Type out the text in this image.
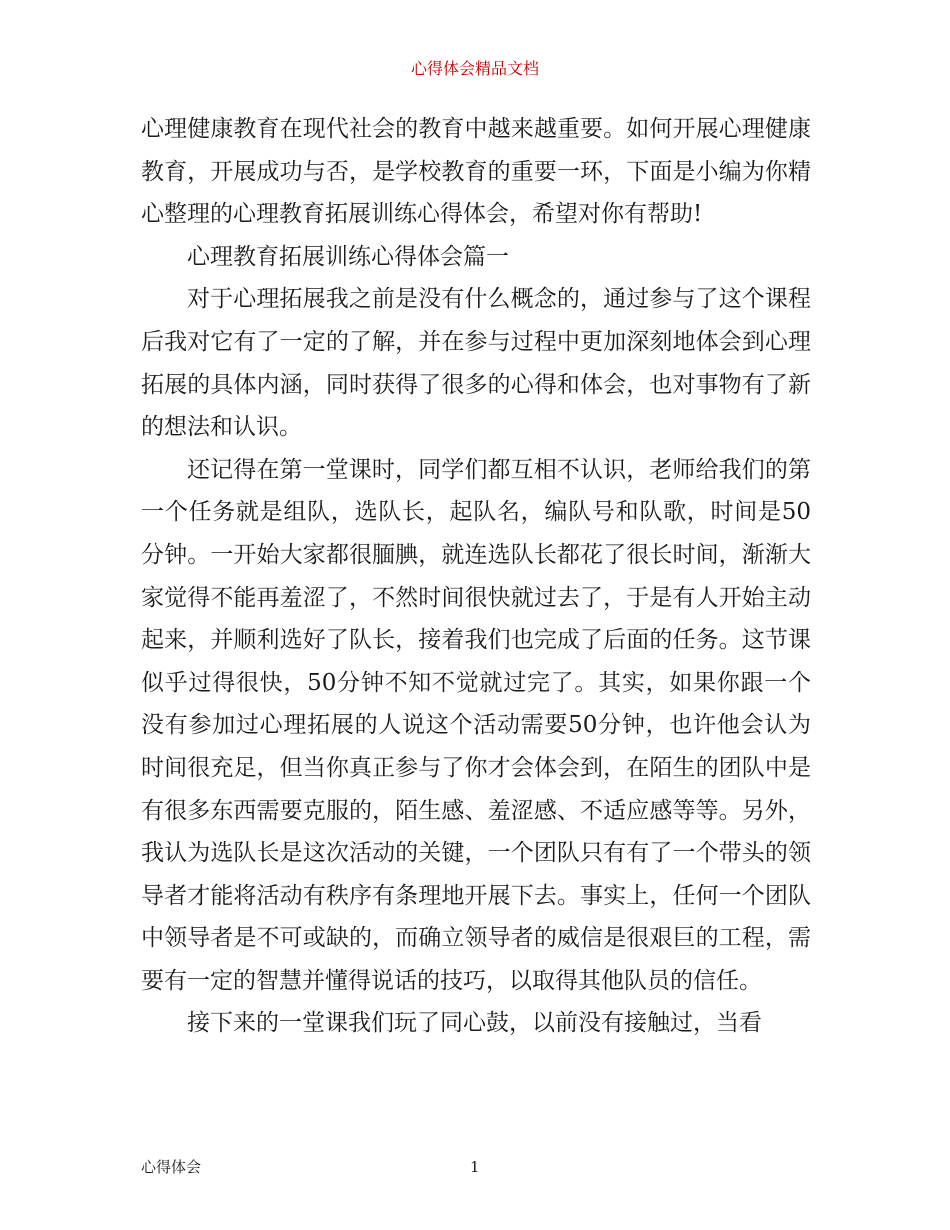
心得体会精品文档

心理健康教育在现代社会的教育中越来越重要。如何开展心理健康教育，开展成功与否，是学校教育的重要一环，下面是小编为你精心整理的心理教育拓展训练心得体会，希望对你有帮助!

心理教育拓展训练心得体会篇一

对于心理拓展我之前是没有什么概念的，通过参与了这个课程后我对它有了一定的了解，并在参与过程中更加深刻地体会到心理拓展的具体内涵，同时获得了很多的心得和体会，也对事物有了新的想法和认识。

还记得在第一堂课时，同学们都互相不认识，老师给我们的第一个任务就是组队，选队长，起队名，编队号和队歌，时间是50分钟。一开始大家都很腼腆，就连选队长都花了很长时间，渐渐大家觉得不能再羞涩了，不然时间很快就过去了，于是有人开始主动起来，并顺利选好了队长，接着我们也完成了后面的任务。这节课似乎过得很快，50分钟不知不觉就过完了。其实，如果你跟一个没有参加过心理拓展的人说这个活动需要50分钟，也许他会认为时间很充足，但当你真正参与了你才会体会到，在陌生的团队中是有很多东西需要克服的，陌生感、羞涩感、不适应感等等。另外，我认为选队长是这次活动的关键，一个团队只有有了一个带头的领导者才能将活动有秩序有条理地开展下去。事实上，任何一个团队中领导者是不可或缺的，而确立领导者的威信是很艰巨的工程，需要有一定的智慧并懂得说话的技巧，以取得其他队员的信任。

接下来的一堂课我们玩了同心鼓，以前没有接触过，当看

心得体会	1
